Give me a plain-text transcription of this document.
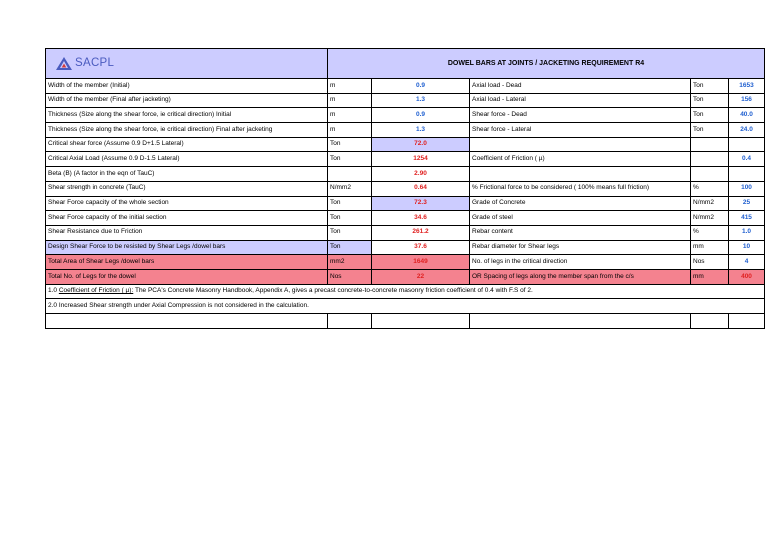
SACPL	DOWEL BARS AT JOINTS / JACKETING REQUIREMENT R4				
Width of the member (Initial)	m	0.9	Axial load - Dead	Ton	1653
Width of the member (Final after jacketing)	m	1.3	Axial load - Lateral	Ton	156
Thickness (Size along the shear force, ie critical direction) Initial	m	0.9	Shear force - Dead	Ton	40.0
Thickness (Size along the shear force, ie critical direction) Final after jacketing	m	1.3	Shear force - Lateral	Ton	24.0
Critical shear force (Assume 0.9 D+1.5 Lateral)	Ton	72.0			
Critical Axial Load (Assume 0.9 D-1.5 Lateral)	Ton	1254	Coefficient of Friction ( µ)		0.4
Beta (B) (A factor in the eqn of TauC)		2.90			
Shear strength in concrete (TauC)	N/mm2	0.64	% Frictional force to be considered ( 100% means full friction)	%	100
Shear Force capacity of the whole section	Ton	72.3	Grade of Concrete	N/mm2	25
Shear Force capacity of the initial section	Ton	34.6	Grade of steel	N/mm2	415
Shear Resistance due to Friction	Ton	261.2	Rebar content	%	1.0
Design Shear Force to be resisted by Shear Legs /dowel bars	Ton	37.6	Rebar diameter for Shear legs	mm	10
Total Area of Shear Legs /dowel bars	mm2	1649	No. of legs in the critical direction	Nos	4
Total No. of Legs for the dowel	Nos	22	OR Spacing of legs along the member span from the c/s	mm	400
1.0 Coefficient of Friction ( µ): The PCA's Concrete Masonry Handbook, Appendix A, gives a precast concrete-to-concrete masonry friction coefficient of 0.4 with F.S of 2.					
2.0 Increased Shear strength under Axial Compression is not considered in the calculation.					
